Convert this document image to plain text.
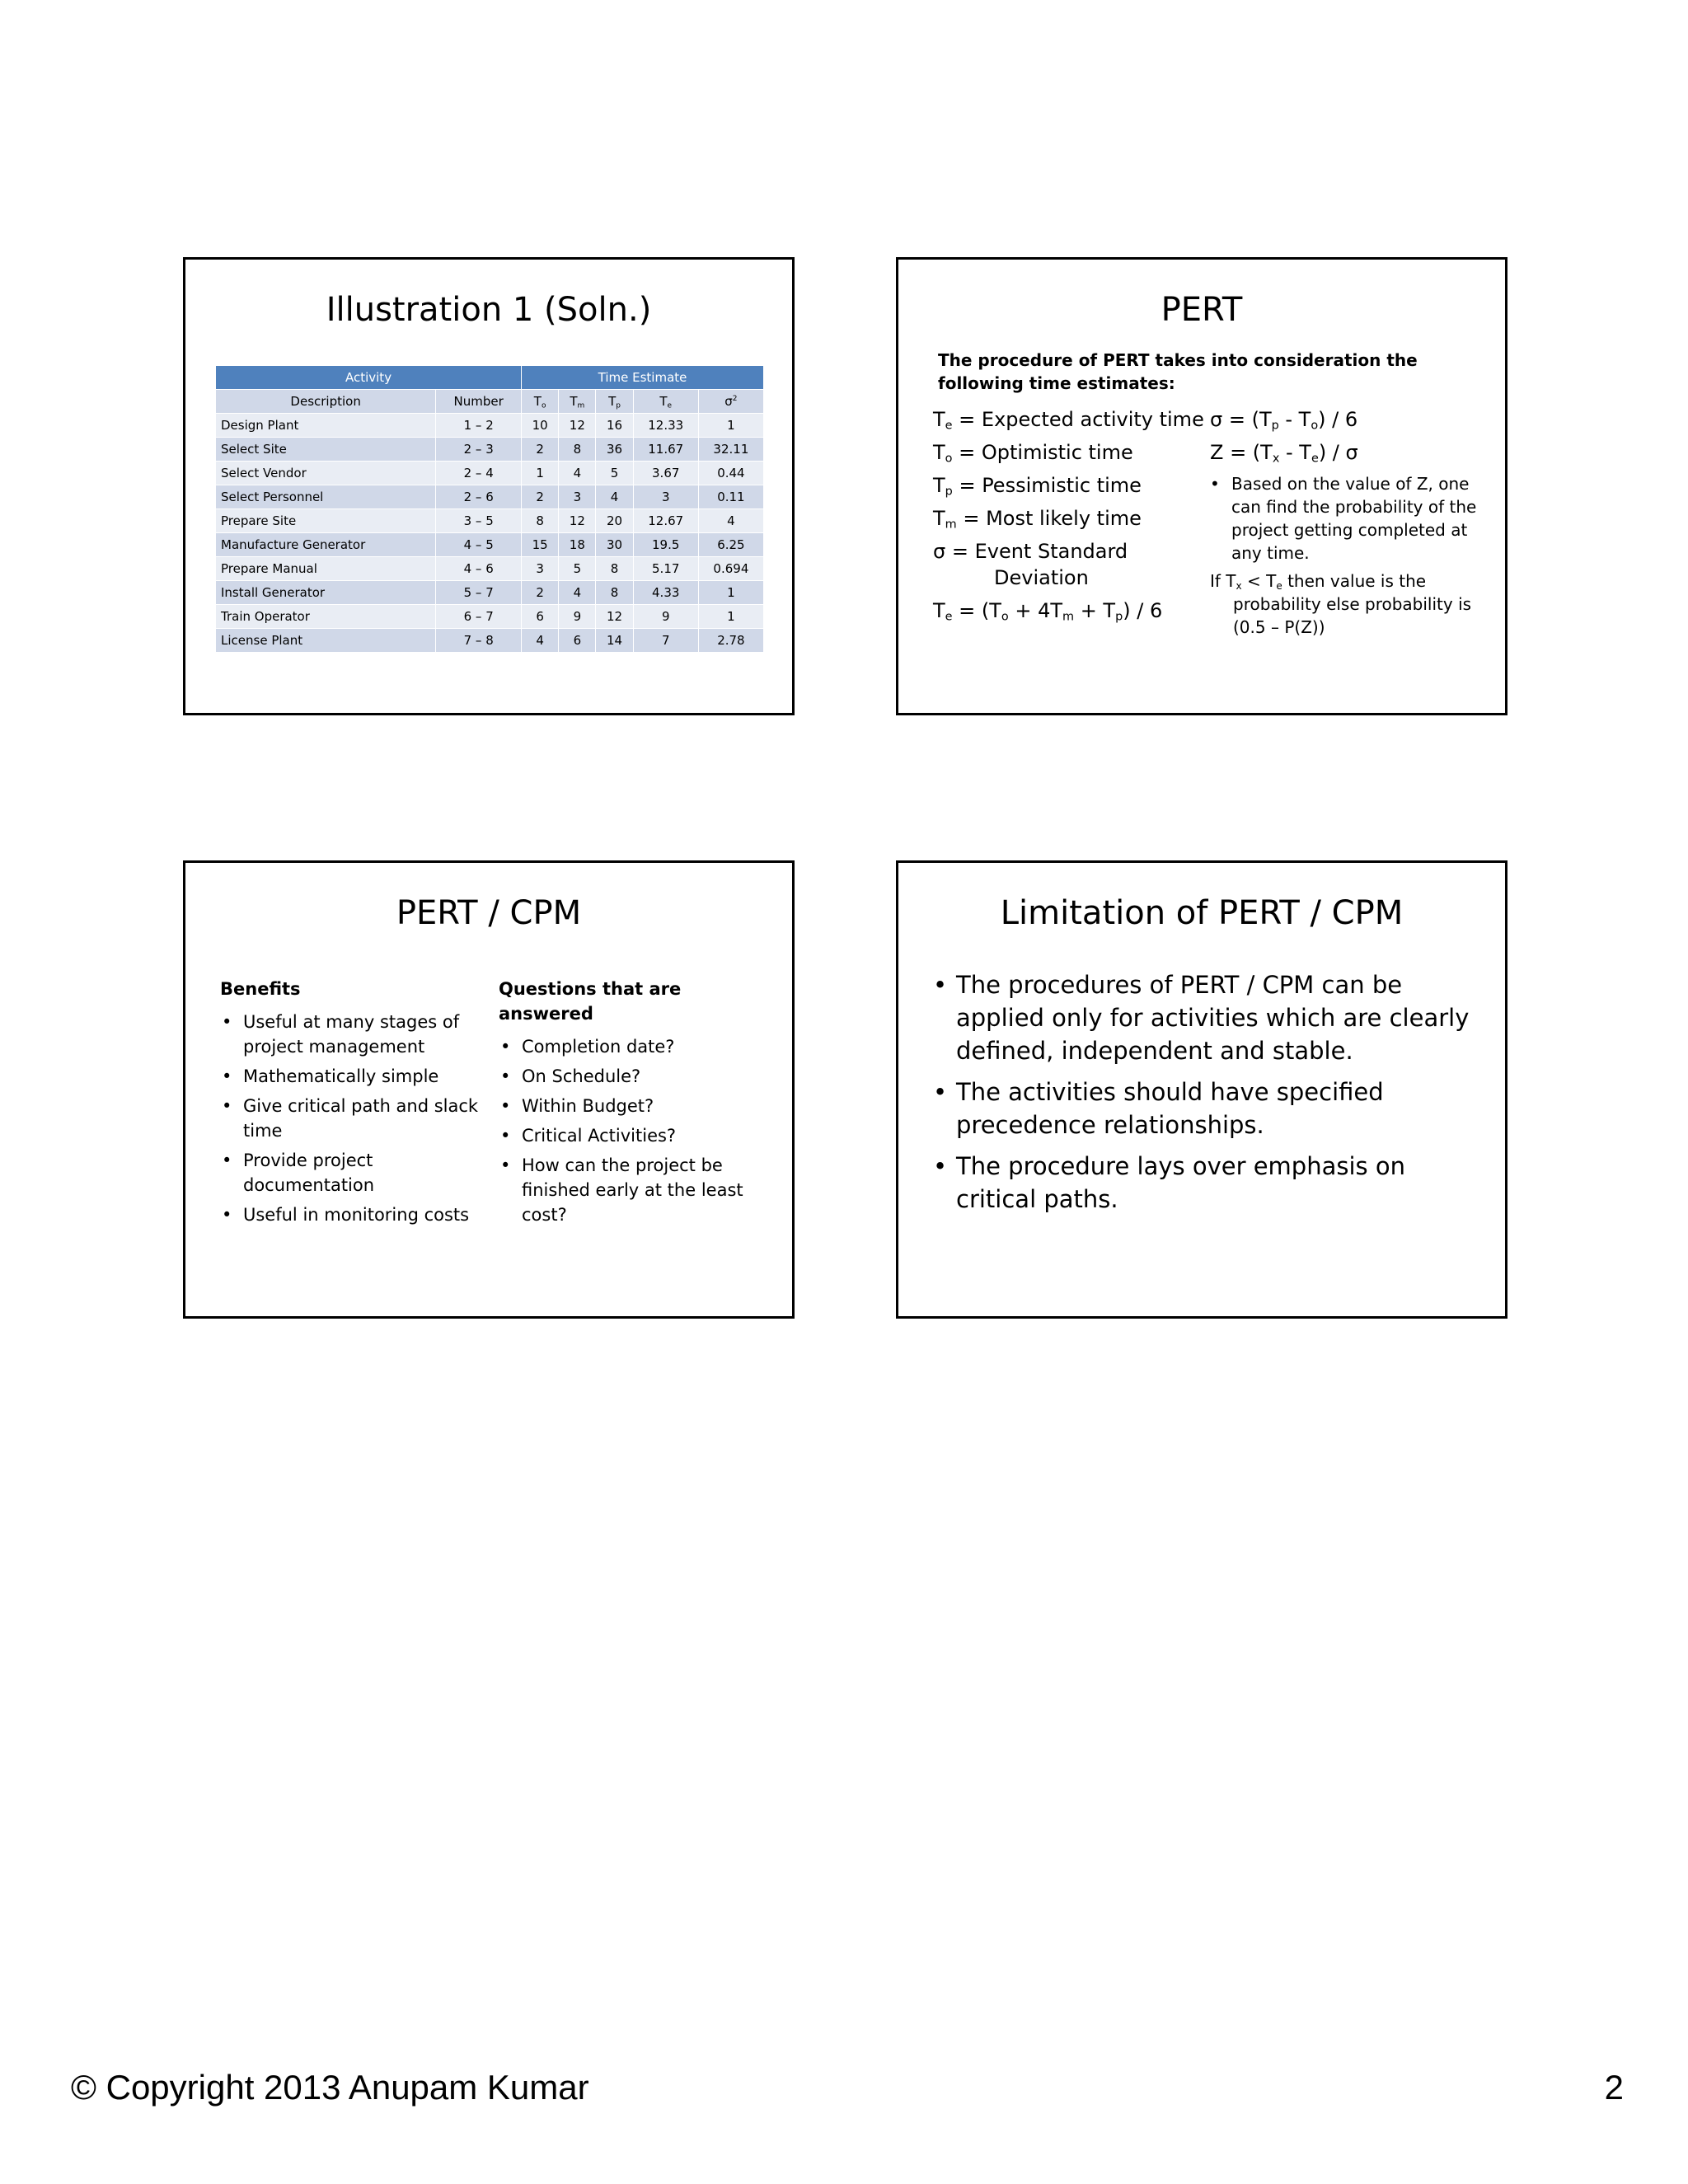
Illustration 1 (Soln.)
Activity		Time Estimate				
Description	Number	$T_o$	$T_m$	$T_p$	$T_e$	$\sigma^2$
Design Plant	1 – 2	10	12	16	12.33	1
Select Site	2 – 3	2	8	36	11.67	32.11
Select Vendor	2 – 4	1	4	5	3.67	0.44
Select Personnel	2 – 6	2	3	4	3	0.11
Prepare Site	3 – 5	8	12	20	12.67	4
Manufacture Generator	4 – 5	15	18	30	19.5	6.25
Prepare Manual	4 – 6	3	5	8	5.17	0.694
Install Generator	5 – 7	2	4	8	4.33	1
Train Operator	6 – 7	6	9	12	9	1
License Plant	7 – 8	4	6	14	7	2.78
PERT

The procedure of PERT takes into consideration the following time estimates:

$T_e$ = Expected activity time

$T_o$ = Optimistic time

$T_p$ = Pessimistic time

$T_m$ = Most likely time

σ = Event Standard

Deviation

$T_e = (T_o + 4T_m + T_p) / 6$

$\sigma = (T_p - T_o) / 6$

$Z = (T_x - T_e) / \sigma$

• Based on the value of Z, one can find the probability of the project getting completed at any time.

If $T_x < T_e$ then value is the probability else probability is (0.5 – P(Z))

PERT / CPM

Benefits

• Useful at many stages of project management
• Mathematically simple
• Give critical path and slack time
• Provide project documentation
• Useful in monitoring costs

Questions that are answered

• Completion date?
• On Schedule?
• Within Budget?
• Critical Activities?
• How can the project be finished early at the least cost?
Limitation of PERT / CPM
• The procedures of PERT / CPM can be applied only for activities which are clearly defined, independent and stable.
• The activities should have specified precedence relationships.
• The procedure lays over emphasis on critical paths.
© Copyright 2013 Anupam Kumar	2
